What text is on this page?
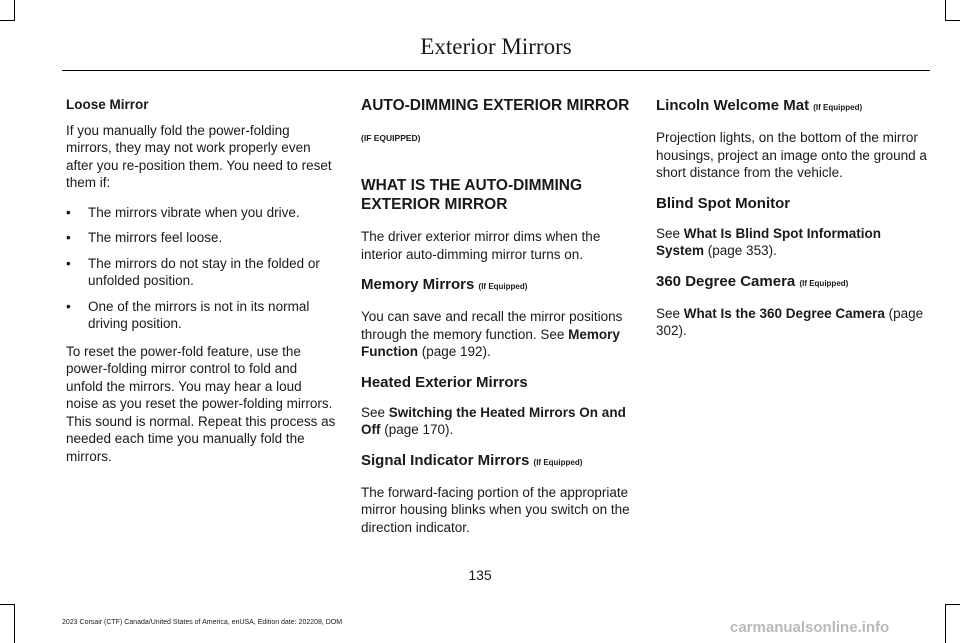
Exterior Mirrors

Loose Mirror

If you manually fold the power-folding mirrors, they may not work properly even after you re-position them. You need to reset them if:

• The mirrors vibrate when you drive.
• The mirrors feel loose.
• The mirrors do not stay in the folded or unfolded position.
• One of the mirrors is not in its normal driving position.

To reset the power-fold feature, use the power-folding mirror control to fold and unfold the mirrors. You may hear a loud noise as you reset the power-folding mirrors. This sound is normal. Repeat this process as needed each time you manually fold the mirrors.

AUTO-DIMMING EXTERIOR MIRROR
(IF EQUIPPED)
WHAT IS THE AUTO-DIMMING EXTERIOR MIRROR

The driver exterior mirror dims when the interior auto-dimming mirror turns on.

Memory Mirrors (If Equipped)

You can save and recall the mirror positions through the memory function. See Memory Function (page 192).

Heated Exterior Mirrors

See Switching the Heated Mirrors On and Off (page 170).

Signal Indicator Mirrors (If Equipped)

The forward-facing portion of the appropriate mirror housing blinks when you switch on the direction indicator.

Lincoln Welcome Mat (If Equipped)

Projection lights, on the bottom of the mirror housings, project an image onto the ground a short distance from the vehicle.

Blind Spot Monitor

See What Is Blind Spot Information System (page 353).

360 Degree Camera (If Equipped)

See What Is the 360 Degree Camera (page 302).

135
2023 Corsair (CTF) Canada/United States of America, enUSA, Edition date: 202208, DOM	carmanualsonline.info
